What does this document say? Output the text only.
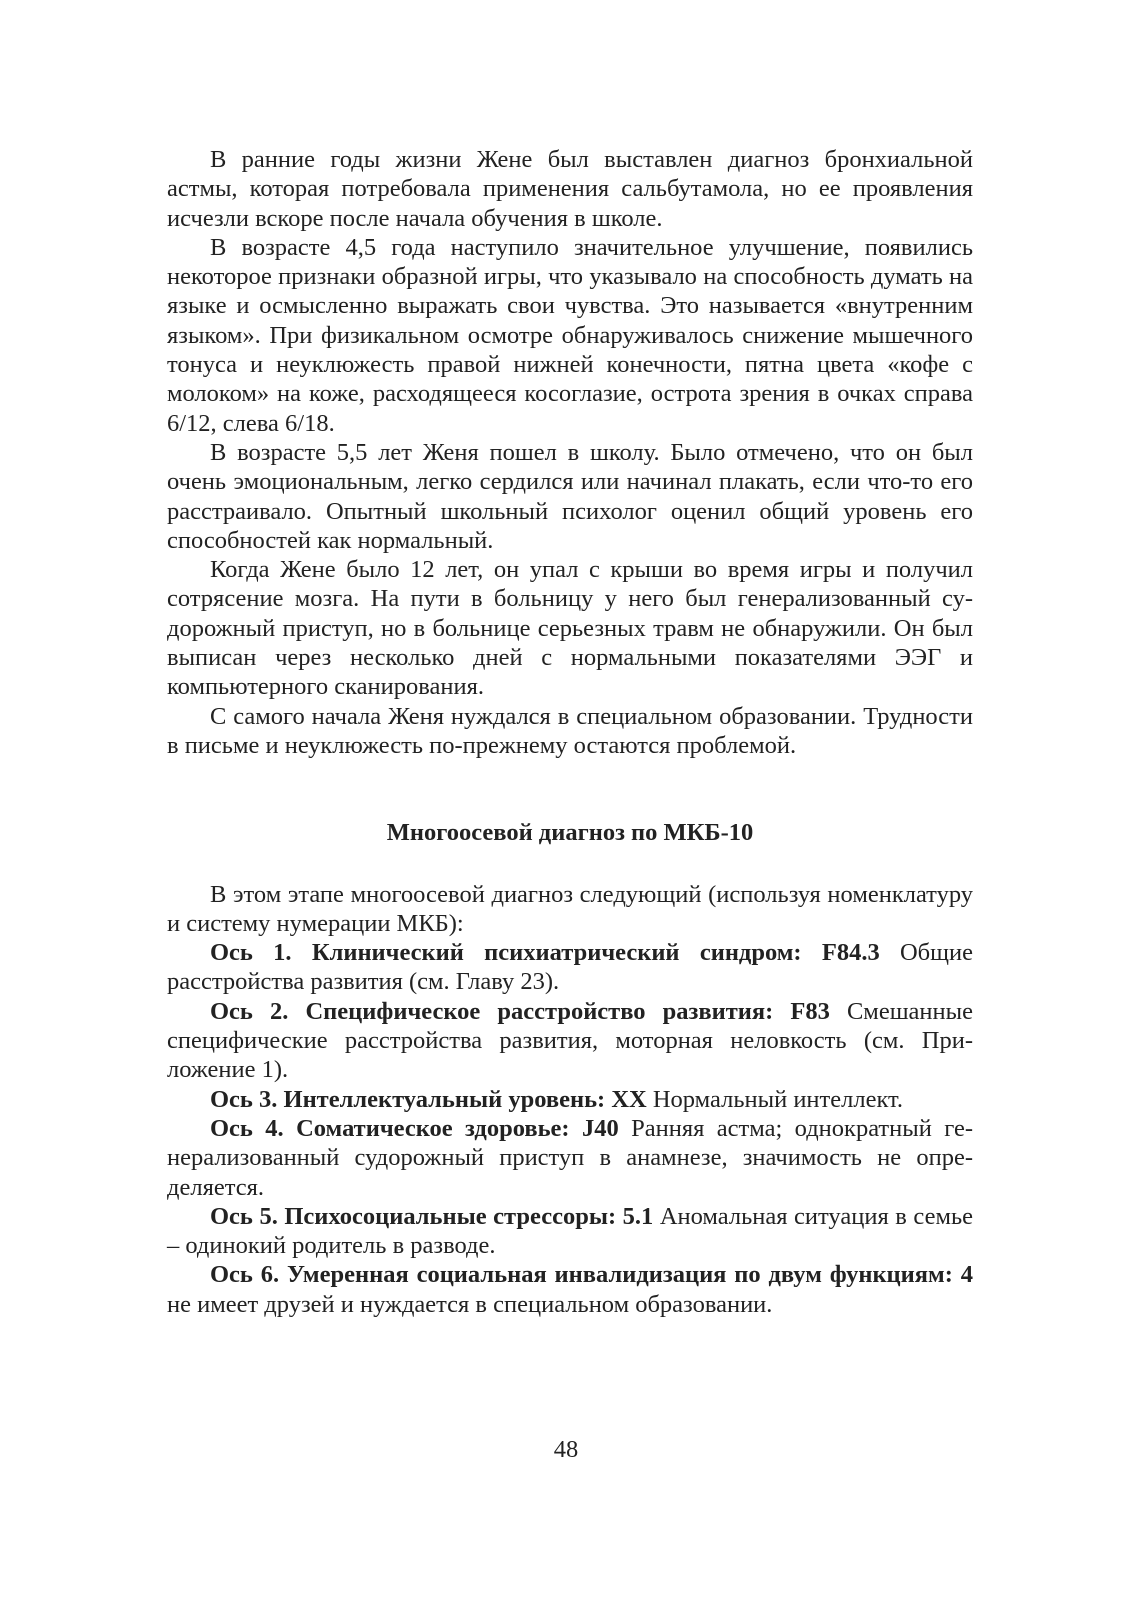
В ранние годы жизни Жене был выставлен диагноз бронхиальной астмы, которая потребовала применения сальбутамола, но ее проявления исчезли вскоре после начала обучения в школе.

В возрасте 4,5 года наступило значительное улучшение, появились некоторое признаки образной игры, что указывало на способность думать на языке и осмысленно выражать свои чувства. Это называется «внутренним языком». При физикальном осмотре обнаруживалось снижение мышечного тонуса и неуклюжесть правой нижней конечности, пятна цвета «кофе с молоком» на коже, расходящееся косоглазие, острота зрения в очках справа 6/12, слева 6/18.

В возрасте 5,5 лет Женя пошел в школу. Было отмечено, что он был очень эмоциональным, легко сердился или начинал плакать, если что-то его расстраивало. Опытный школьный психолог оценил общий уровень его способностей как нормальный.

Когда Жене было 12 лет, он упал с крыши во время игры и получил сотрясение мозга. На пути в больницу у него был генерализованный судорожный приступ, но в больнице серьезных травм не обнаружили. Он был выписан через несколько дней с нормальными показателями ЭЭГ и компьютерного сканирования.

С самого начала Женя нуждался в специальном образовании. Трудности в письме и неуклюжесть по-прежнему остаются проблемой.

Многоосевой диагноз по МКБ-10

В этом этапе многоосевой диагноз следующий (используя номенклатуру и систему нумерации МКБ):

Ось 1. Клинический психиатрический синдром: F84.3 Общие расстройства развития (см. Главу 23).

Ось 2. Специфическое расстройство развития: F83 Смешанные специфические расстройства развития, моторная неловкость (см. Приложение 1).

Ось 3. Интеллектуальный уровень: XX Нормальный интеллект.

Ось 4. Соматическое здоровье: J40 Ранняя астма; однократный генерализованный судорожный приступ в анамнезе, значимость не определяется.

Ось 5. Психосоциальные стрессоры: 5.1 Аномальная ситуация в семье – одинокий родитель в разводе.

Ось 6. Умеренная социальная инвалидизация по двум функциям: 4 не имеет друзей и нуждается в специальном образовании.

48
